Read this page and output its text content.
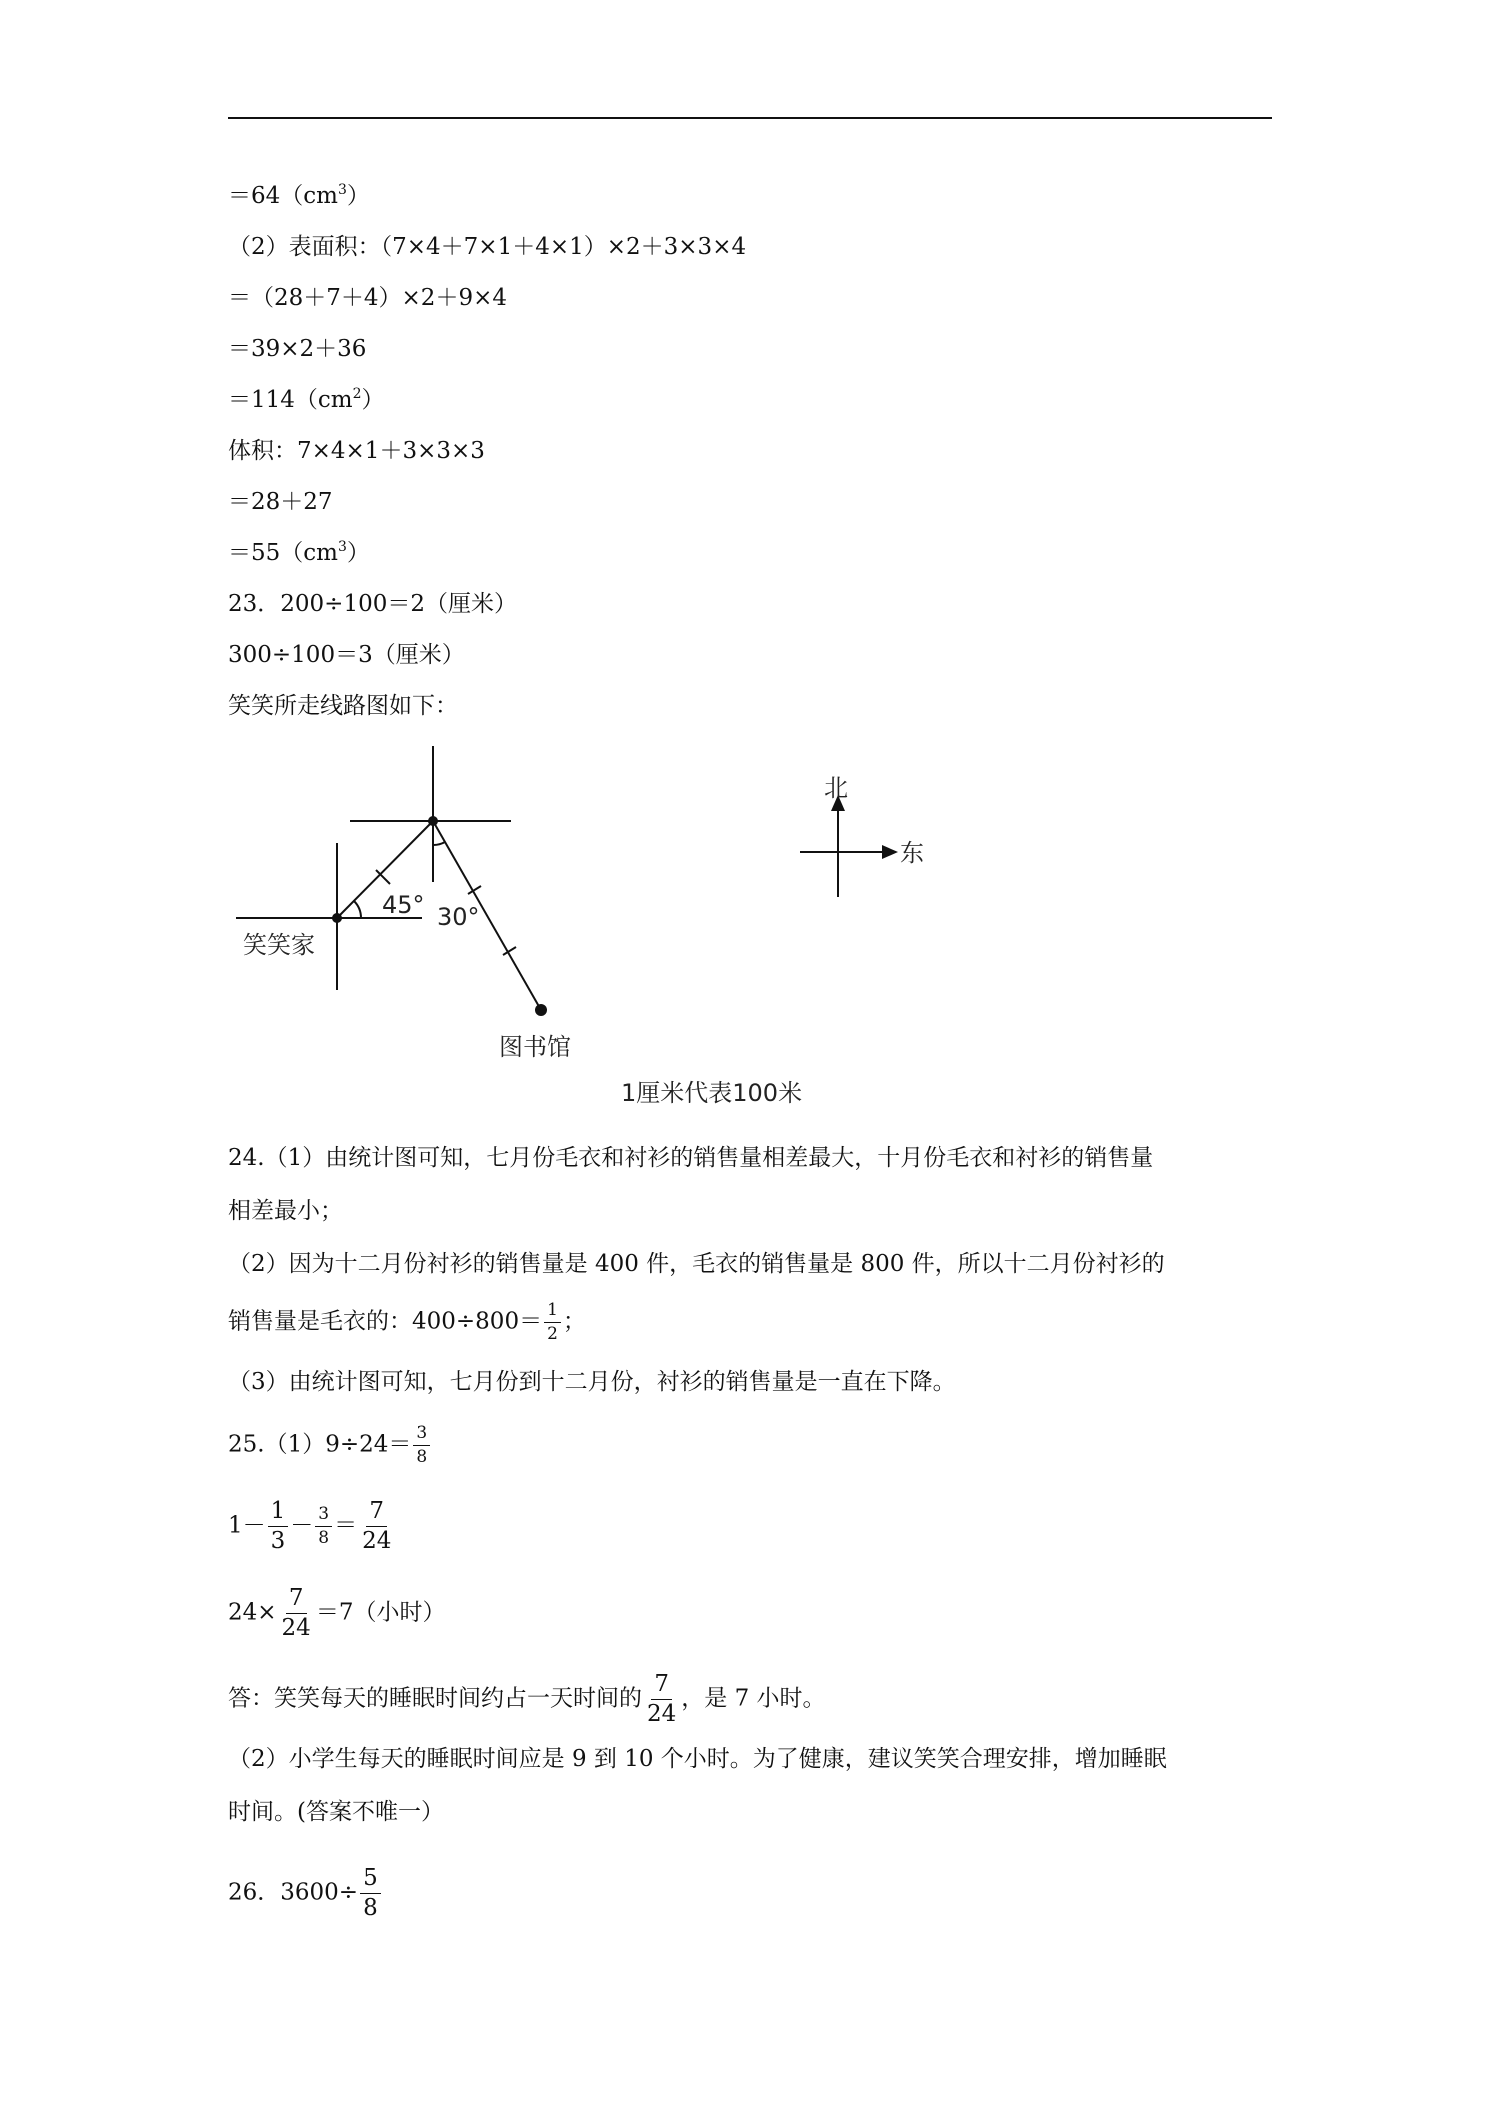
$=64(cm^3)$
（2）表面积：（7×4＋7×1＋4×1）×2＋3×3×4
＝（28＋7＋4）×2＋9×4
＝39×2＋36
$=114(cm^2)$
体积：7×4×1＋3×3×3
＝28＋27
$=55(cm^3)$
23．200÷100＝2（厘米）
300÷100＝3（厘米）
笑笑所走线路图如下：
45° 30°
笑笑家
图书馆
1厘米代表100米
北
东
24.（1）由统计图可知，七月份毛衣和衬衫的销售量相差最大，十月份毛衣和衬衫的销售量
相差最小；
（2）因为十二月份衬衫的销售量是 400 件，毛衣的销售量是 800 件，所以十二月份衬衫的
销售量是毛衣的：$400\div 800= \frac{1}{2}$ ；
（3）由统计图可知，七月份到十二月份，衬衫的销售量是一直在下降。
$25.(1)9\div 24= \frac{3}{8}$
$1- \frac{1}{3} - \frac{3}{8} = \frac{7}{24}$
$24\times \frac{7}{24} =7$（小时）
答：笑笑每天的睡眠时间约占一天时间的 $\frac{7}{24}$ ，是 7 小时。
（2）小学生每天的睡眠时间应是 9 到 10 个小时。为了健康，建议笑笑合理安排，增加睡眠
时间。(答案不唯一）
26．$3600\div \frac{5}{8}$
